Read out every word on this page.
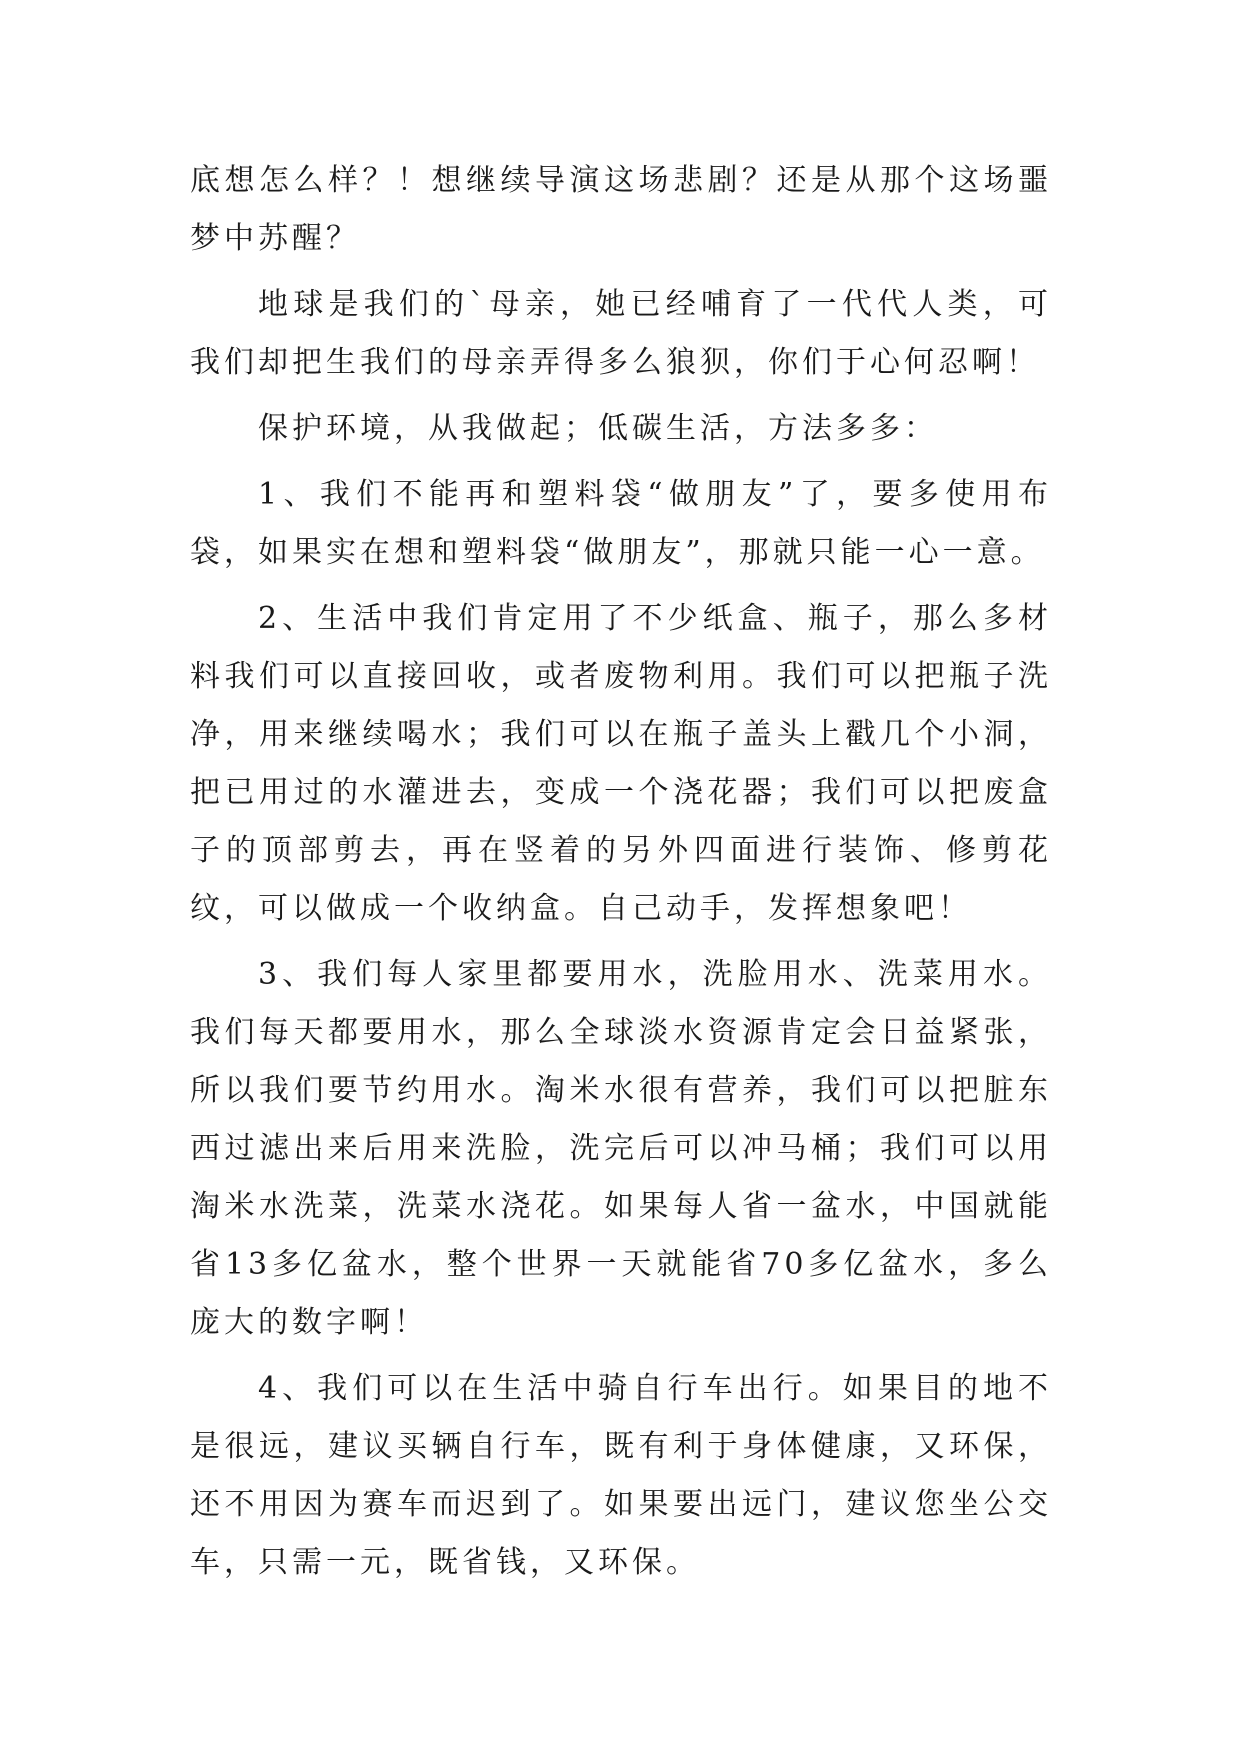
底想怎么样？！想继续导演这场悲剧？还是从那个这场噩梦中苏醒？

地球是我们的`母亲，她已经哺育了一代代人类，可我们却把生我们的母亲弄得多么狼狈，你们于心何忍啊！

保护环境，从我做起；低碳生活，方法多多：

1、我们不能再和塑料袋“做朋友”了，要多使用布袋，如果实在想和塑料袋“做朋友”，那就只能一心一意。

2、生活中我们肯定用了不少纸盒、瓶子，那么多材料我们可以直接回收，或者废物利用。我们可以把瓶子洗净，用来继续喝水；我们可以在瓶子盖头上戳几个小洞，把已用过的水灌进去，变成一个浇花器；我们可以把废盒子的顶部剪去，再在竖着的另外四面进行装饰、修剪花纹，可以做成一个收纳盒。自己动手，发挥想象吧！

3、我们每人家里都要用水，洗脸用水、洗菜用水。我们每天都要用水，那么全球淡水资源肯定会日益紧张，所以我们要节约用水。淘米水很有营养，我们可以把脏东西过滤出来后用来洗脸，洗完后可以冲马桶；我们可以用淘米水洗菜，洗菜水浇花。如果每人省一盆水，中国就能省13多亿盆水，整个世界一天就能省70多亿盆水，多么庞大的数字啊！

4、我们可以在生活中骑自行车出行。如果目的地不是很远，建议买辆自行车，既有利于身体健康，又环保，还不用因为赛车而迟到了。如果要出远门，建议您坐公交车，只需一元，既省钱，又环保。
